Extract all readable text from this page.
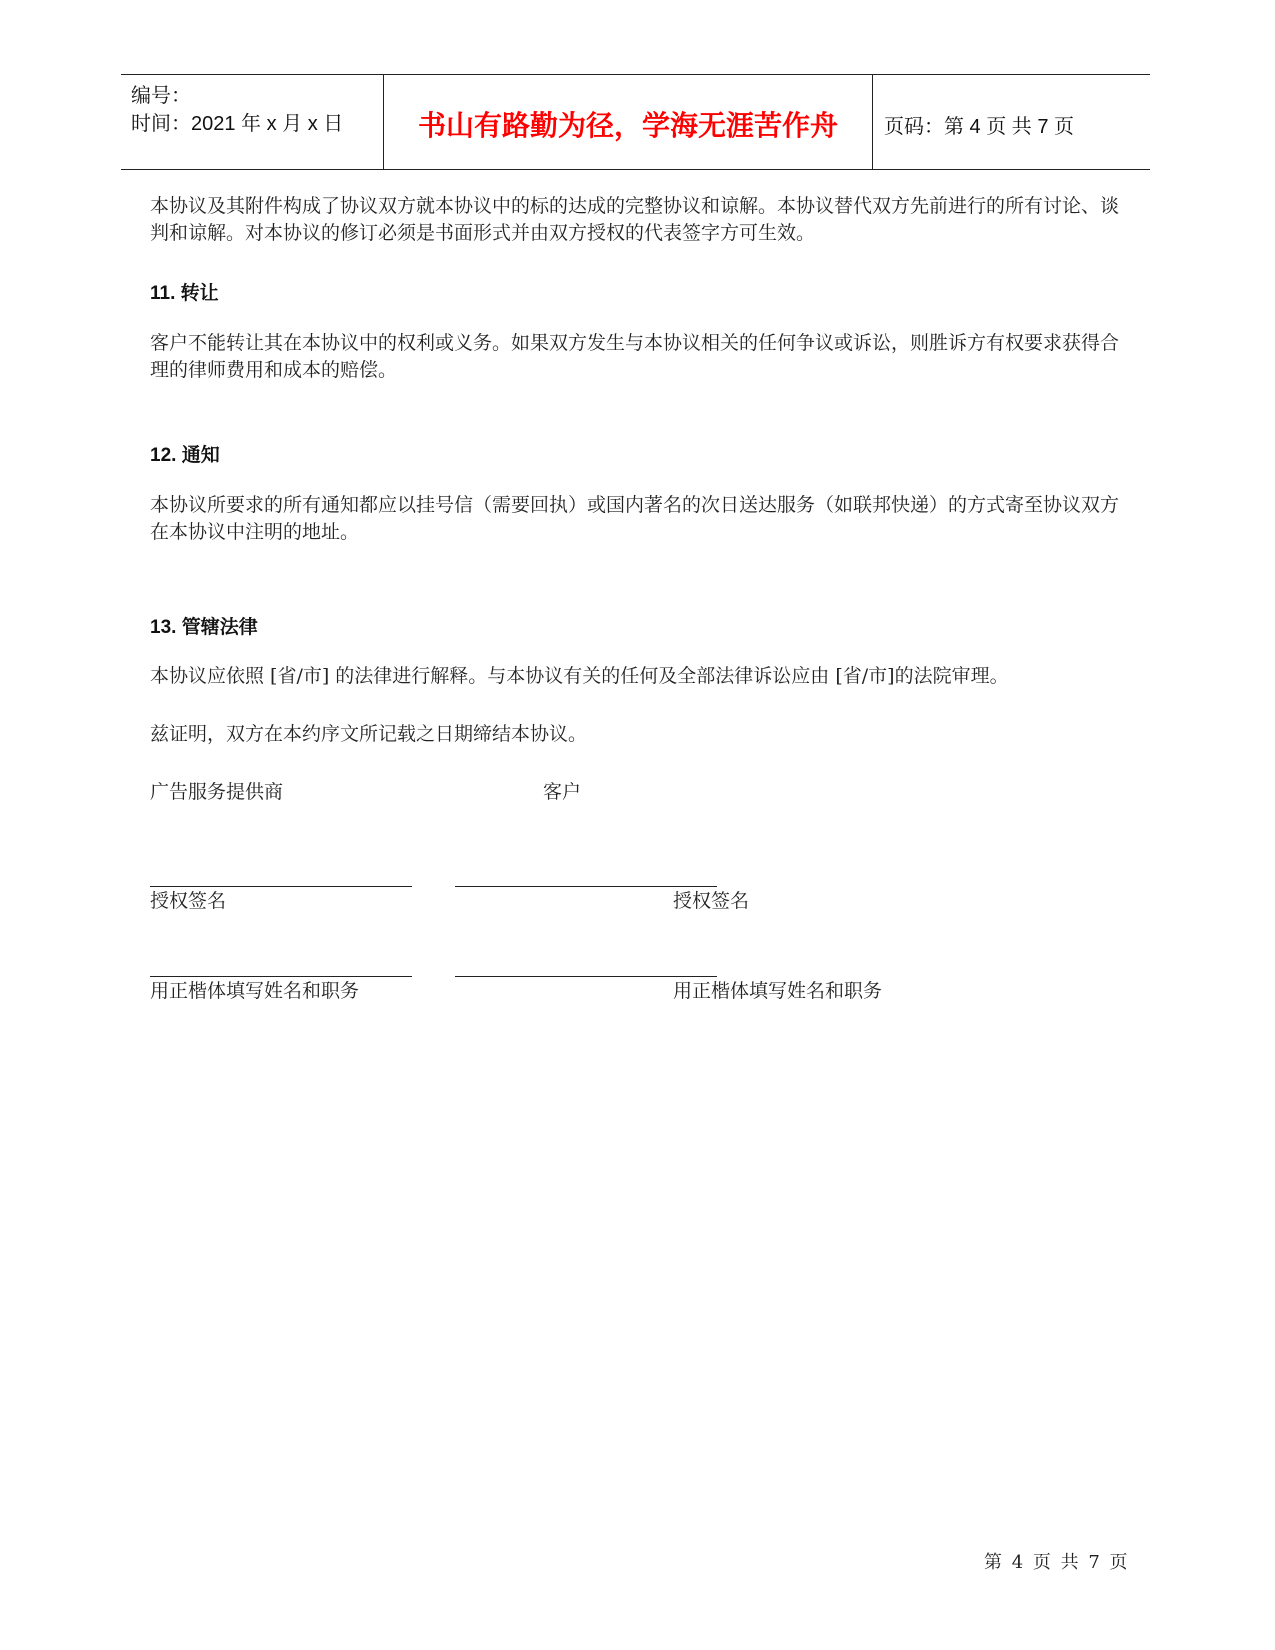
编号：
时间：2021 年 x 月 x 日	书山有路勤为径，学海无涯苦作舟	页码：第 4 页 共 7 页
本协议及其附件构成了协议双方就本协议中的标的达成的完整协议和谅解。本协议替代双方先前进行的所有讨论、谈判和谅解。对本协议的修订必须是书面形式并由双方授权的代表签字方可生效。
11. 转让
客户不能转让其在本协议中的权利或义务。如果双方发生与本协议相关的任何争议或诉讼，则胜诉方有权要求获得合理的律师费用和成本的赔偿。
12. 通知
本协议所要求的所有通知都应以挂号信（需要回执）或国内著名的次日送达服务（如联邦快递）的方式寄至协议双方在本协议中注明的地址。
13. 管辖法律
本协议应依照 [省/市] 的法律进行解释。与本协议有关的任何及全部法律诉讼应由 [省/市]的法院审理。
兹证明，双方在本约序文所记载之日期缔结本协议。
广告服务提供商	客户
授权签名	授权签名
用正楷体填写姓名和职务	用正楷体填写姓名和职务
第 4 页 共 7 页
